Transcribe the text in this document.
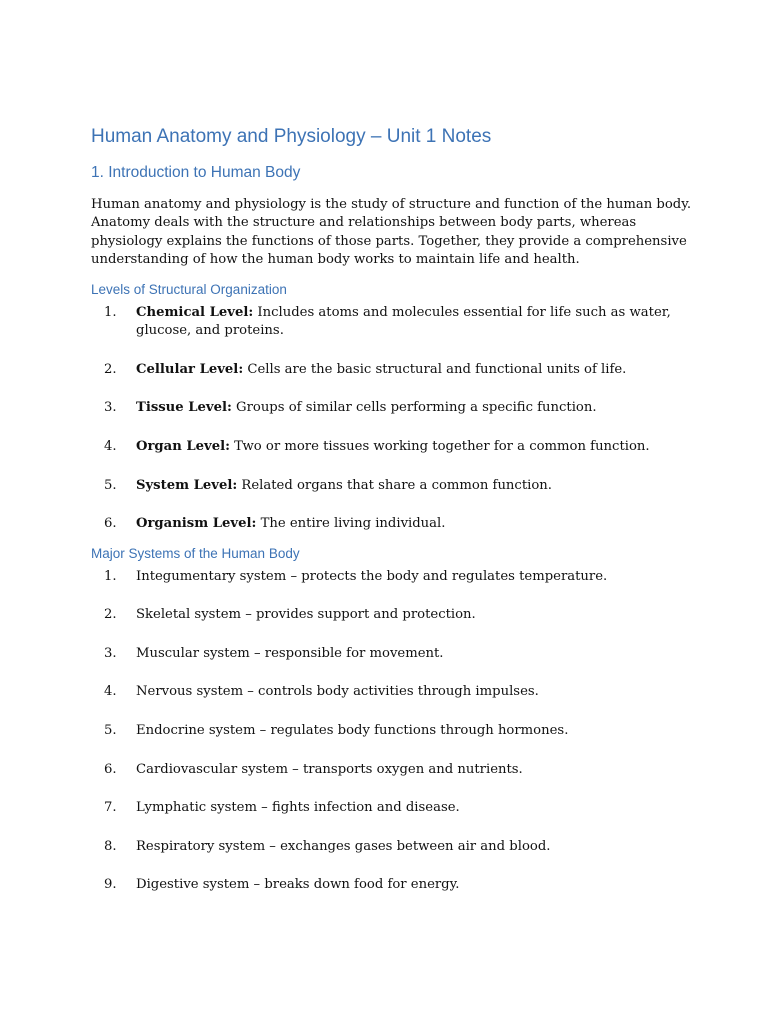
Human Anatomy and Physiology – Unit 1 Notes
1. Introduction to Human Body
Human anatomy and physiology is the study of structure and function of the human body.
Anatomy deals with the structure and relationships between body parts, whereas
physiology explains the functions of those parts. Together, they provide a comprehensive
understanding of how the human body works to maintain life and health.
Levels of Structural Organization
1. Chemical Level: Includes atoms and molecules essential for life such as water,
glucose, and proteins.
2. Cellular Level: Cells are the basic structural and functional units of life.
3. Tissue Level: Groups of similar cells performing a specific function.
4. Organ Level: Two or more tissues working together for a common function.
5. System Level: Related organs that share a common function.
6. Organism Level: The entire living individual.
Major Systems of the Human Body
1. Integumentary system – protects the body and regulates temperature.
2. Skeletal system – provides support and protection.
3. Muscular system – responsible for movement.
4. Nervous system – controls body activities through impulses.
5. Endocrine system – regulates body functions through hormones.
6. Cardiovascular system – transports oxygen and nutrients.
7. Lymphatic system – fights infection and disease.
8. Respiratory system – exchanges gases between air and blood.
9. Digestive system – breaks down food for energy.
